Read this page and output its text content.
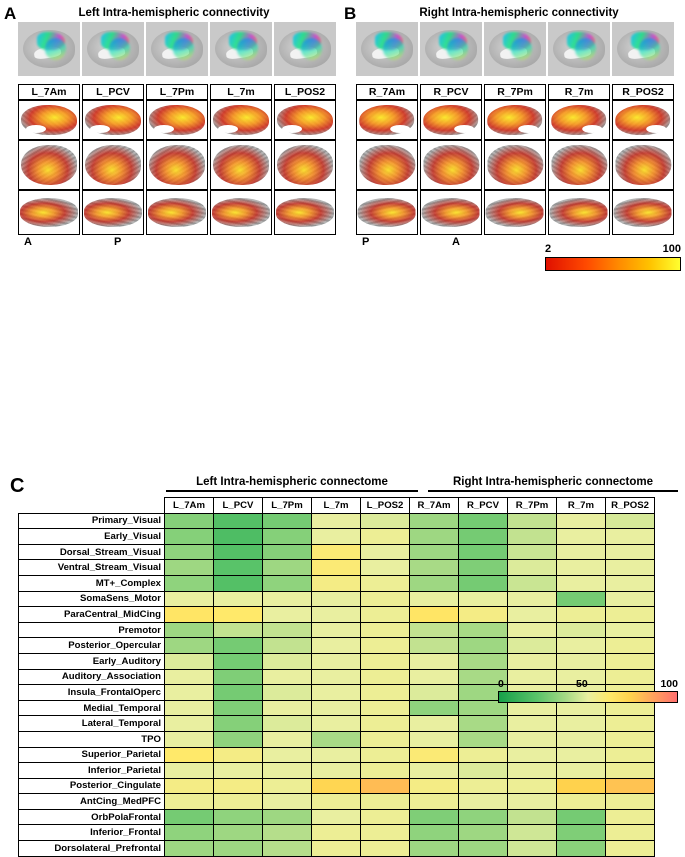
A	Left Intra-hemispheric connectivity	B	Right Intra-hemispheric connectivity
L_7Am	L_PCV	L_7Pm	L_7m	L_POS2	R_7Am	R_PCV	R_7Pm	R_7m	R_POS2
A	P	P	A
2	100
C	Left Intra-hemispheric connectome	Right Intra-hemispheric connectome
	L_7Am	L_PCV	L_7Pm	L_7m	L_POS2	R_7Am	R_PCV	R_7Pm	R_7m	R_POS2
Primary_Visual										
Early_Visual										
Dorsal_Stream_Visual										
Ventral_Stream_Visual										
MT+_Complex										
SomaSens_Motor										
ParaCentral_MidCing										
Premotor										
Posterior_Opercular										
Early_Auditory										
Auditory_Association										
Insula_FrontalOperc										
Medial_Temporal										
Lateral_Temporal										
TPO										
Superior_Parietal										
Inferior_Parietal										
Posterior_Cingulate										
AntCing_MedPFC										
OrbPolaFrontal										
Inferior_Frontal										
Dorsolateral_Prefrontal										
0	50	100
